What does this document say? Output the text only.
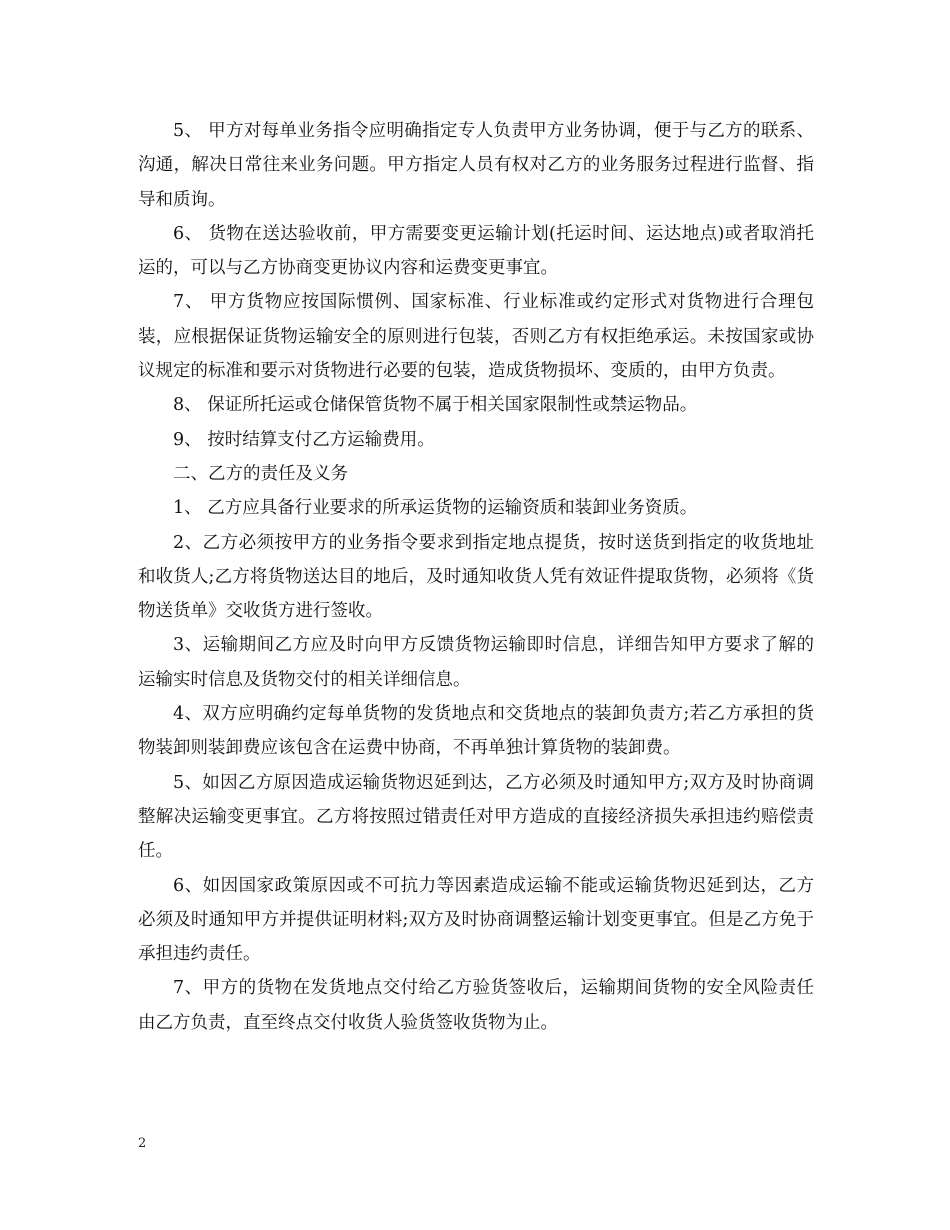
5、 甲方对每单业务指令应明确指定专人负责甲方业务协调，便于与乙方的联系、沟通，解决日常往来业务问题。甲方指定人员有权对乙方的业务服务过程进行监督、指导和质询。

6、 货物在送达验收前，甲方需要变更运输计划(托运时间、运达地点)或者取消托运的，可以与乙方协商变更协议内容和运费变更事宜。

7、 甲方货物应按国际惯例、国家标准、行业标准或约定形式对货物进行合理包装，应根据保证货物运输安全的原则进行包装，否则乙方有权拒绝承运。未按国家或协议规定的标准和要示对货物进行必要的包装，造成货物损坏、变质的，由甲方负责。

8、 保证所托运或仓储保管货物不属于相关国家限制性或禁运物品。

9、 按时结算支付乙方运输费用。

二、乙方的责任及义务

1、 乙方应具备行业要求的所承运货物的运输资质和装卸业务资质。

2、乙方必须按甲方的业务指令要求到指定地点提货，按时送货到指定的收货地址和收货人;乙方将货物送达目的地后，及时通知收货人凭有效证件提取货物，必须将《货物送货单》交收货方进行签收。

3、运输期间乙方应及时向甲方反馈货物运输即时信息，详细告知甲方要求了解的运输实时信息及货物交付的相关详细信息。

4、双方应明确约定每单货物的发货地点和交货地点的装卸负责方;若乙方承担的货物装卸则装卸费应该包含在运费中协商，不再单独计算货物的装卸费。

5、如因乙方原因造成运输货物迟延到达，乙方必须及时通知甲方;双方及时协商调整解决运输变更事宜。乙方将按照过错责任对甲方造成的直接经济损失承担违约赔偿责任。

6、如因国家政策原因或不可抗力等因素造成运输不能或运输货物迟延到达，乙方必须及时通知甲方并提供证明材料;双方及时协商调整运输计划变更事宜。但是乙方免于承担违约责任。

7、甲方的货物在发货地点交付给乙方验货签收后，运输期间货物的安全风险责任由乙方负责，直至终点交付收货人验货签收货物为止。

2
